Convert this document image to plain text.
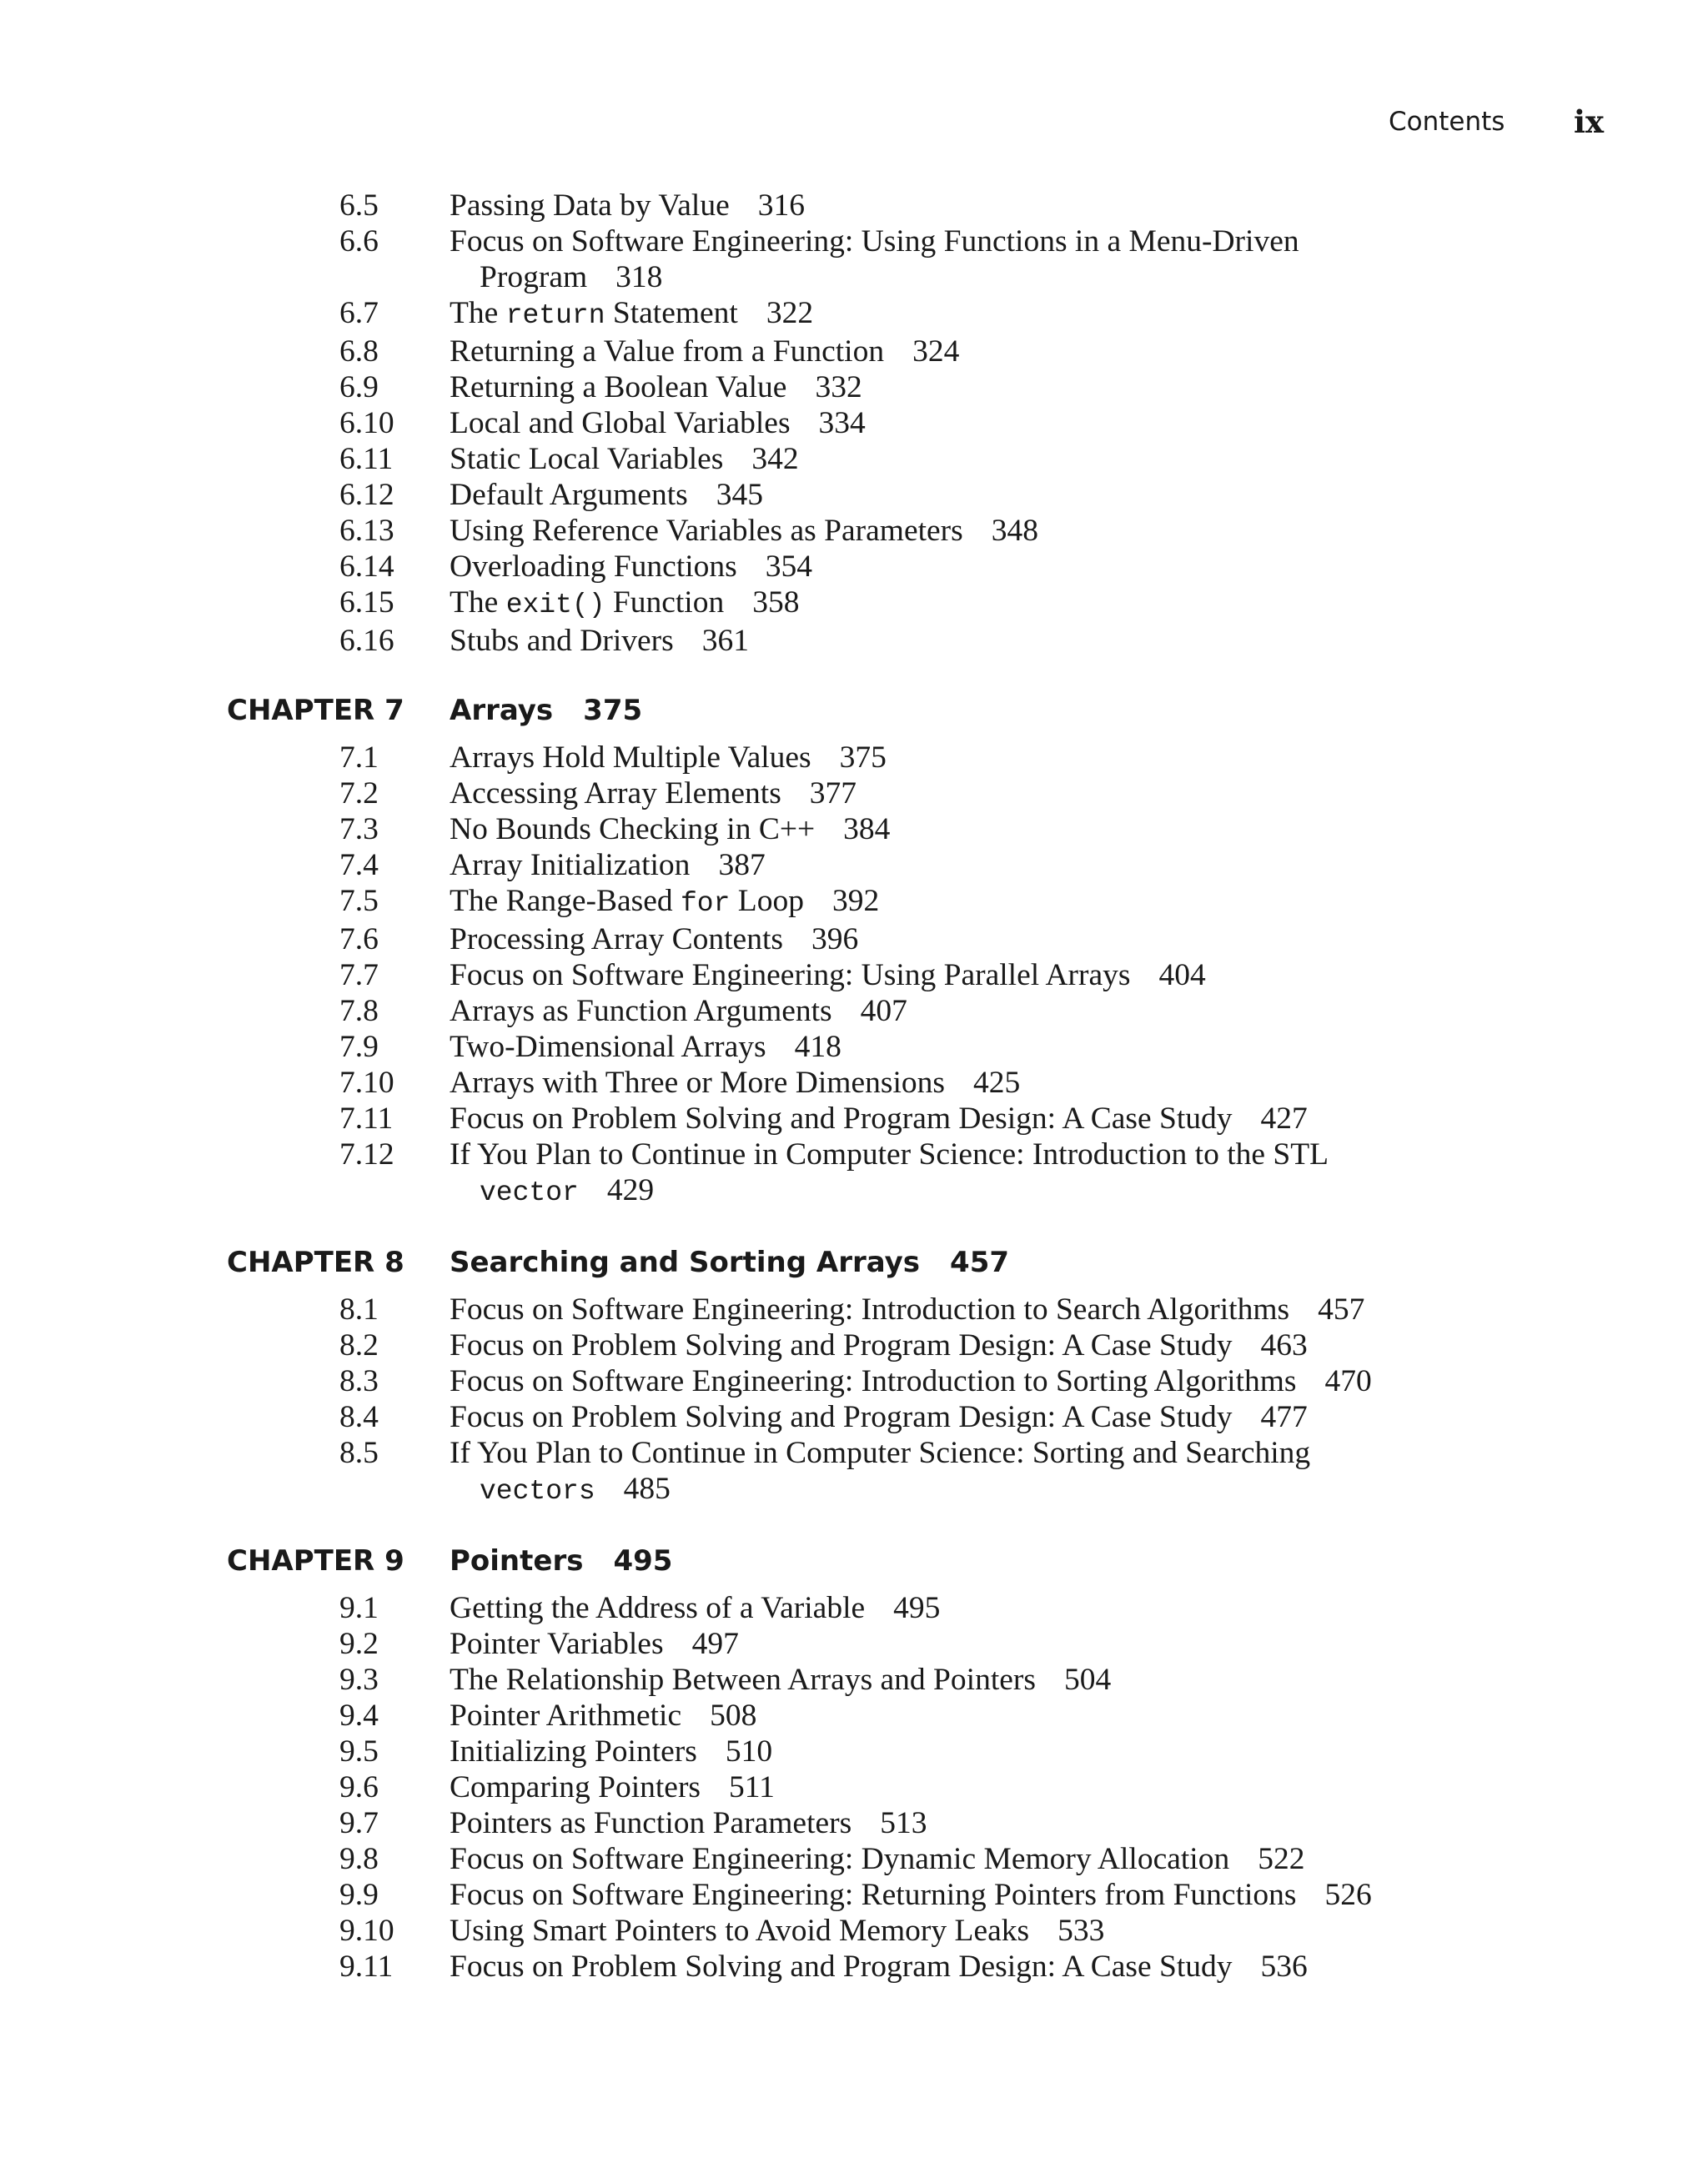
Contents ix
6.5 Passing Data by Value 316
6.6 Focus on Software Engineering: Using Functions in a Menu-Driven Program 318
6.7 The return Statement 322
6.8 Returning a Value from a Function 324
6.9 Returning a Boolean Value 332
6.10 Local and Global Variables 334
6.11 Static Local Variables 342
6.12 Default Arguments 345
6.13 Using Reference Variables as Parameters 348
6.14 Overloading Functions 354
6.15 The exit() Function 358
6.16 Stubs and Drivers 361
CHAPTER 7 Arrays 375
7.1 Arrays Hold Multiple Values 375
7.2 Accessing Array Elements 377
7.3 No Bounds Checking in C++ 384
7.4 Array Initialization 387
7.5 The Range-Based for Loop 392
7.6 Processing Array Contents 396
7.7 Focus on Software Engineering: Using Parallel Arrays 404
7.8 Arrays as Function Arguments 407
7.9 Two-Dimensional Arrays 418
7.10 Arrays with Three or More Dimensions 425
7.11 Focus on Problem Solving and Program Design: A Case Study 427
7.12 If You Plan to Continue in Computer Science: Introduction to the STL vector 429
CHAPTER 8 Searching and Sorting Arrays 457
8.1 Focus on Software Engineering: Introduction to Search Algorithms 457
8.2 Focus on Problem Solving and Program Design: A Case Study 463
8.3 Focus on Software Engineering: Introduction to Sorting Algorithms 470
8.4 Focus on Problem Solving and Program Design: A Case Study 477
8.5 If You Plan to Continue in Computer Science: Sorting and Searching vectors 485
CHAPTER 9 Pointers 495
9.1 Getting the Address of a Variable 495
9.2 Pointer Variables 497
9.3 The Relationship Between Arrays and Pointers 504
9.4 Pointer Arithmetic 508
9.5 Initializing Pointers 510
9.6 Comparing Pointers 511
9.7 Pointers as Function Parameters 513
9.8 Focus on Software Engineering: Dynamic Memory Allocation 522
9.9 Focus on Software Engineering: Returning Pointers from Functions 526
9.10 Using Smart Pointers to Avoid Memory Leaks 533
9.11 Focus on Problem Solving and Program Design: A Case Study 536
